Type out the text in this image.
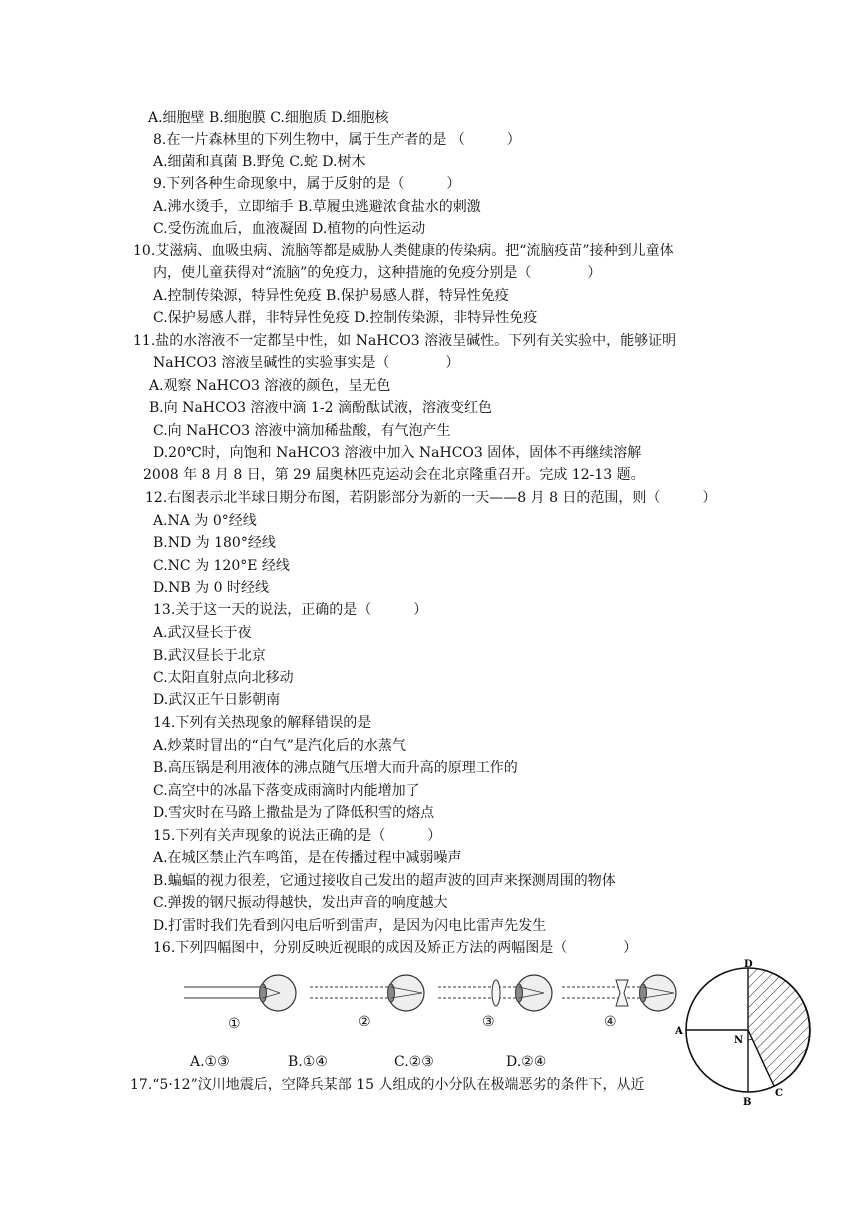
A.细胞壁 B.细胞膜 C.细胞质 D.细胞核
8.在一片森林里的下列生物中，属于生产者的是 （　　　）
A.细菌和真菌 B.野兔 C.蛇 D.树木
9.下列各种生命现象中，属于反射的是（　　　）
A.沸水烫手，立即缩手 B.草履虫逃避浓食盐水的刺激
C.受伤流血后，血液凝固 D.植物的向性运动
10.艾滋病、血吸虫病、流脑等都是威胁人类健康的传染病。把“流脑疫苗”接种到儿童体
内，使儿童获得对“流脑”的免疫力，这种措施的免疫分别是（　　　　）
A.控制传染源，特异性免疫 B.保护易感人群，特异性免疫
C.保护易感人群，非特异性免疫 D.控制传染源，非特异性免疫
11.盐的水溶液不一定都呈中性，如 NaHCO3 溶液呈碱性。下列有关实验中，能够证明
NaHCO3 溶液呈碱性的实验事实是（　　　　）
A.观察 NaHCO3 溶液的颜色，呈无色
B.向 NaHCO3 溶液中滴 1-2 滴酚酞试液，溶液变红色
C.向 NaHCO3 溶液中滴加稀盐酸，有气泡产生
D.20℃时，向饱和 NaHCO3 溶液中加入 NaHCO3 固体，固体不再继续溶解
2008 年 8 月 8 日，第 29 届奥林匹克运动会在北京隆重召开。完成 12-13 题。
12.右图表示北半球日期分布图，若阴影部分为新的一天——8 月 8 日的范围，则（　　　）
A.NA 为 0°经线
B.ND 为 180°经线
C.NC 为 120°E 经线
D.NB 为 0 时经线
13.关于这一天的说法，正确的是（　　　）
A.武汉昼长于夜
B.武汉昼长于北京
C.太阳直射点向北移动
D.武汉正午日影朝南
14.下列有关热现象的解释错误的是
A.炒菜时冒出的“白气”是汽化后的水蒸气
B.高压锅是利用液体的沸点随气压增大而升高的原理工作的
C.高空中的冰晶下落变成雨滴时内能增加了
D.雪灾时在马路上撒盐是为了降低积雪的熔点
15.下列有关声现象的说法正确的是（　　　）
A.在城区禁止汽车鸣笛，是在传播过程中减弱噪声
B.蝙蝠的视力很差，它通过接收自己发出的超声波的回声来探测周围的物体
C.弹拨的钢尺振动得越快，发出声音的响度越大
D.打雷时我们先看到闪电后听到雷声，是因为闪电比雷声先发生
16.下列四幅图中，分别反映近视眼的成因及矫正方法的两幅图是（　　　　）
①	②	③	④
A.①③	B.①④	C.②③	D.②④
17.“5·12”汶川地震后，空降兵某部 15 人组成的小分队在极端恶劣的条件下，从近
D
A
N
C
B
